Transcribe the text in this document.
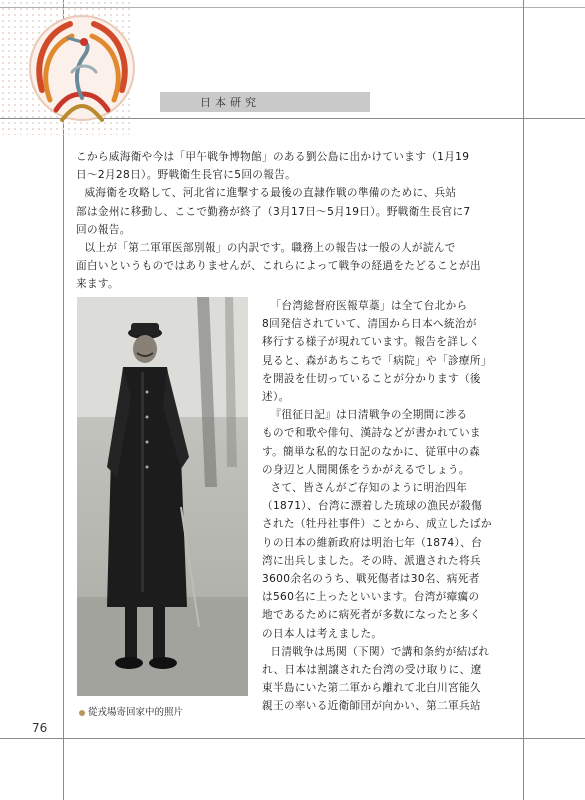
日本研究
こから威海衛や今は「甲午戦争博物館」のある劉公島に出かけています（1月19
日〜2月28日）。野戦衛生長官に5回の報告。
威海衛を攻略して、河北省に進撃する最後の直隷作戦の準備のために、兵站
部は金州に移動し、ここで勤務が終了（3月17日〜5月19日）。野戦衛生長官に7
回の報告。
以上が「第二軍軍医部別報」の内訳です。職務上の報告は一般の人が読んで
面白いというものではありませんが、これらによって戦争の経過をたどることが出
来ます。
從戎場寄回家中的照片
「台湾総督府医報草藁」は全て台北から
8回発信されていて、清国から日本へ統治が
移行する様子が現れています。報告を詳しく
見ると、森があちこちで「病院」や「診療所」
を開設を仕切っていることが分かります（後
述）。
『徂征日記』は日清戦争の全期間に渉る
もので和歌や俳句、漢詩などが書かれていま
す。簡単な私的な日記のなかに、従軍中の森
の身辺と人間関係をうかがえるでしょう。
さて、皆さんがご存知のように明治四年
（1871）、台湾に漂着した琉球の漁民が殺傷
された（牡丹社事件）ことから、成立したばか
りの日本の維新政府は明治七年（1874）、台
湾に出兵しました。その時、派遣された将兵
3600余名のうち、戦死傷者は30名、病死者
は560名に上ったといいます。台湾が瘴癘の
地であるために病死者が多数になったと多く
の日本人は考えました。
日清戦争は馬関（下関）で講和条約が結ばれ
れ、日本は割譲された台湾の受け取りに、遼
東半島にいた第二軍から離れて北白川宮能久
親王の率いる近衛師団が向かい、第二軍兵站
76
